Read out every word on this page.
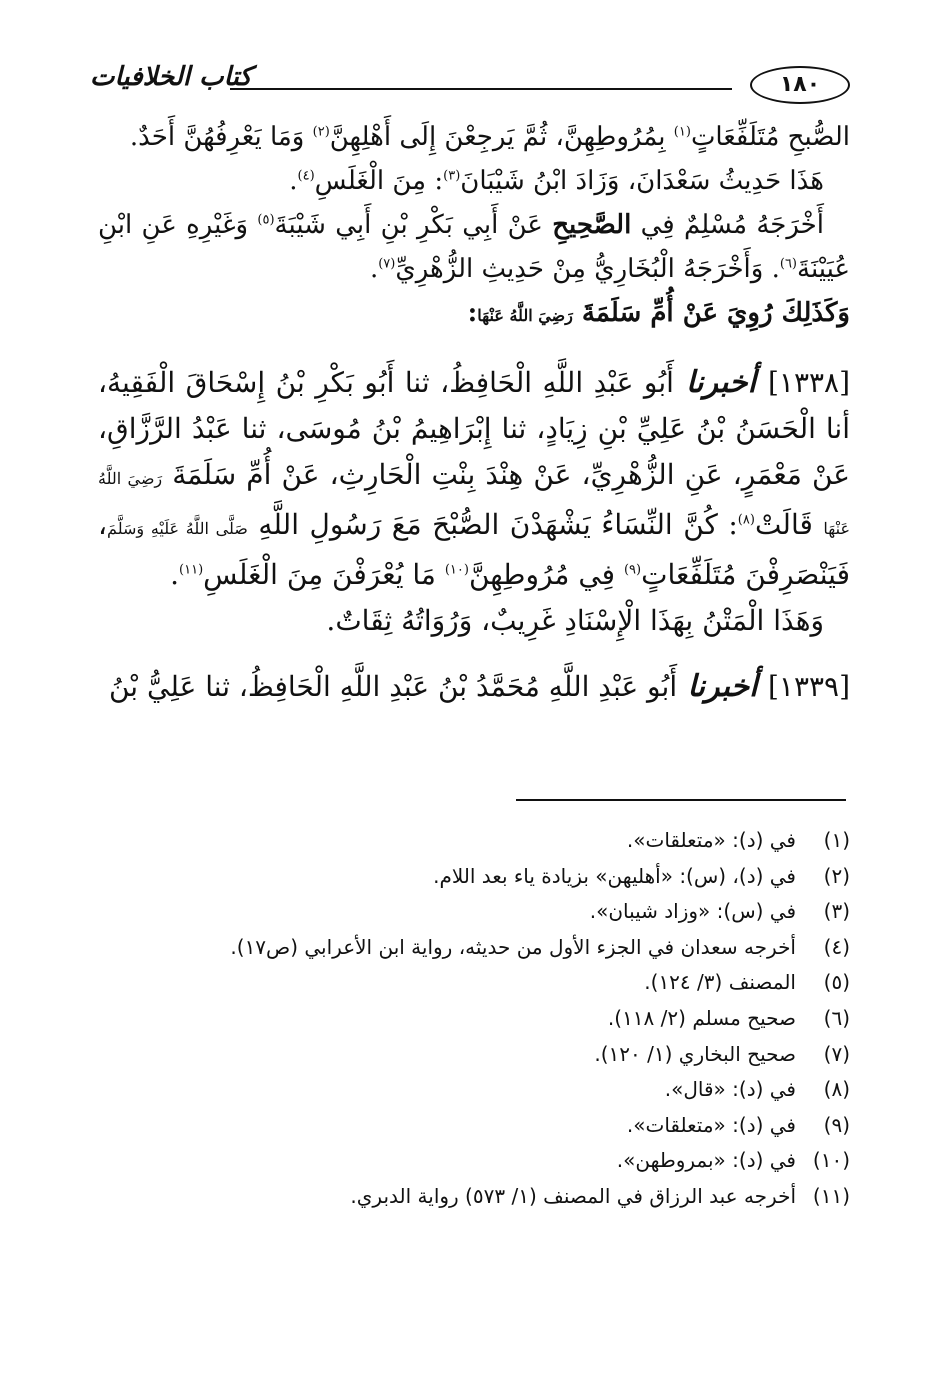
١٨٠
كتاب الخلافيات

الصُّبحِ مُتَلَفِّعَاتٍ$^{(١)}$ بِمُرُوطِهِنَّ، ثُمَّ يَرجِعْنَ إِلَى أَهْلِهِنَّ$^{(٢)}$ وَمَا يَعْرِفُهُنَّ أَحَدٌ.

هَذَا حَدِيثُ سَعْدَانَ، وَزَادَ ابْنُ شَيْبَانَ$^{(٣)}$: مِنَ الْغَلَسِ$^{(٤)}$.

أَخْرَجَهُ مُسْلِمٌ فِي الصَّحِيحِ عَنْ أَبِي بَكْرِ بْنِ أَبِي شَيْبَةَ$^{(٥)}$ وَغَيْرِهِ عَنِ ابْنِ عُيَيْنَةَ$^{(٦)}$. وَأَخْرَجَهُ الْبُخَارِيُّ مِنْ حَدِيثِ الزُّهْرِيِّ$^{(٧)}$.

وَكَذَلِكَ رُوِيَ عَنْ أُمِّ سَلَمَةَ رَضِيَ اللَّهُ عَنْهَا:

[١٣٣٨] أخبرنا أَبُو عَبْدِ اللَّهِ الْحَافِظُ، ثنا أَبُو بَكْرِ بْنُ إِسْحَاقَ الْفَقِيهُ، أنا الْحَسَنُ بْنُ عَلِيِّ بْنِ زِيَادٍ، ثنا إِبْرَاهِيمُ بْنُ مُوسَى، ثنا عَبْدُ الرَّزَّاقِ، عَنْ مَعْمَرٍ، عَنِ الزُّهْرِيِّ، عَنْ هِنْدَ بِنْتِ الْحَارِثِ، عَنْ أُمِّ سَلَمَةَ رَضِيَ اللَّهُ عَنْهَا قَالَتْ$^{(٨)}$: كُنَّ النِّسَاءُ يَشْهَدْنَ الصُّبْحَ مَعَ رَسُولِ اللَّهِ صَلَّى اللَّهُ عَلَيْهِ وَسَلَّمَ، فَيَنْصَرِفْنَ مُتَلَفِّعَاتٍ$^{(٩)}$ فِي مُرُوطِهِنَّ$^{(١٠)}$ مَا يُعْرَفْنَ مِنَ الْغَلَسِ$^{(١١)}$.

وَهَذَا الْمَتْنُ بِهَذَا الْإِسْنَادِ غَرِيبٌ، وَرُوَاتُهُ ثِقَاتٌ.

[١٣٣٩] أخبرنا أَبُو عَبْدِ اللَّهِ مُحَمَّدُ بْنُ عَبْدِ اللَّهِ الْحَافِظُ، ثنا عَلِيُّ بْنُ

(١)في (د): «متعلقات».
(٢)في (د)، (س): «أهليهن» بزيادة ياء بعد اللام.
(٣)في (س): «وزاد شيبان».
(٤)أخرجه سعدان في الجزء الأول من حديثه، رواية ابن الأعرابي (ص١٧).
(٥)المصنف (٣/ ١٢٤).
(٦)صحيح مسلم (٢/ ١١٨).
(٧)صحيح البخاري (١/ ١٢٠).
(٨)في (د): «قال».
(٩)في (د): «متعلقات».
(١٠)في (د): «بمروطهن».
(١١)أخرجه عبد الرزاق في المصنف (١/ ٥٧٣) رواية الدبري.
